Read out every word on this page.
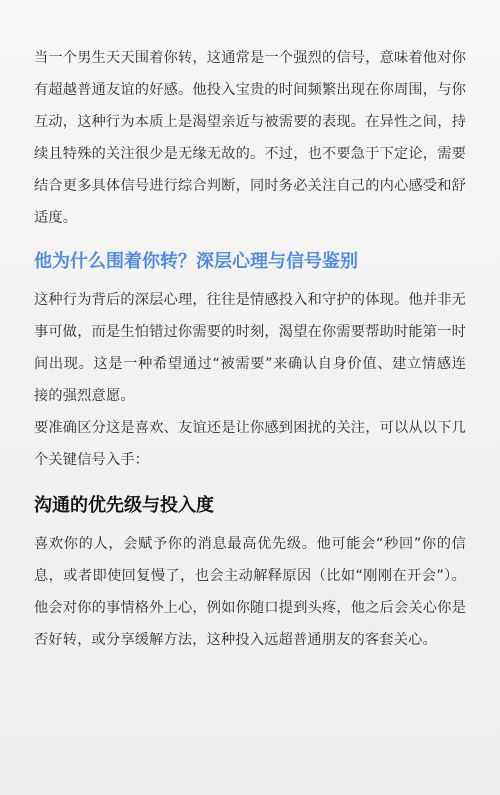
当一个男生天天围着你转，这通常是一个强烈的信号，意味着他对你有超越普通友谊的好感。他投入宝贵的时间频繁出现在你周围，与你互动，这种行为本质上是渴望亲近与被需要的表现。在异性之间，持续且特殊的关注很少是无缘无故的。不过，也不要急于下定论，需要结合更多具体信号进行综合判断，同时务必关注自己的内心感受和舒适度。

他为什么围着你转？深层心理与信号鉴别

这种行为背后的深层心理，往往是情感投入和守护的体现。他并非无事可做，而是生怕错过你需要的时刻，渴望在你需要帮助时能第一时间出现。这是一种希望通过“被需要”来确认自身价值、建立情感连接的强烈意愿。

要准确区分这是喜欢、友谊还是让你感到困扰的关注，可以从以下几个关键信号入手：

沟通的优先级与投入度

喜欢你的人，会赋予你的消息最高优先级。他可能会“秒回”你的信息，或者即使回复慢了，也会主动解释原因（比如“刚刚在开会”）。他会对你的事情格外上心，例如你随口提到头疼，他之后会关心你是否好转，或分享缓解方法，这种投入远超普通朋友的客套关心。
